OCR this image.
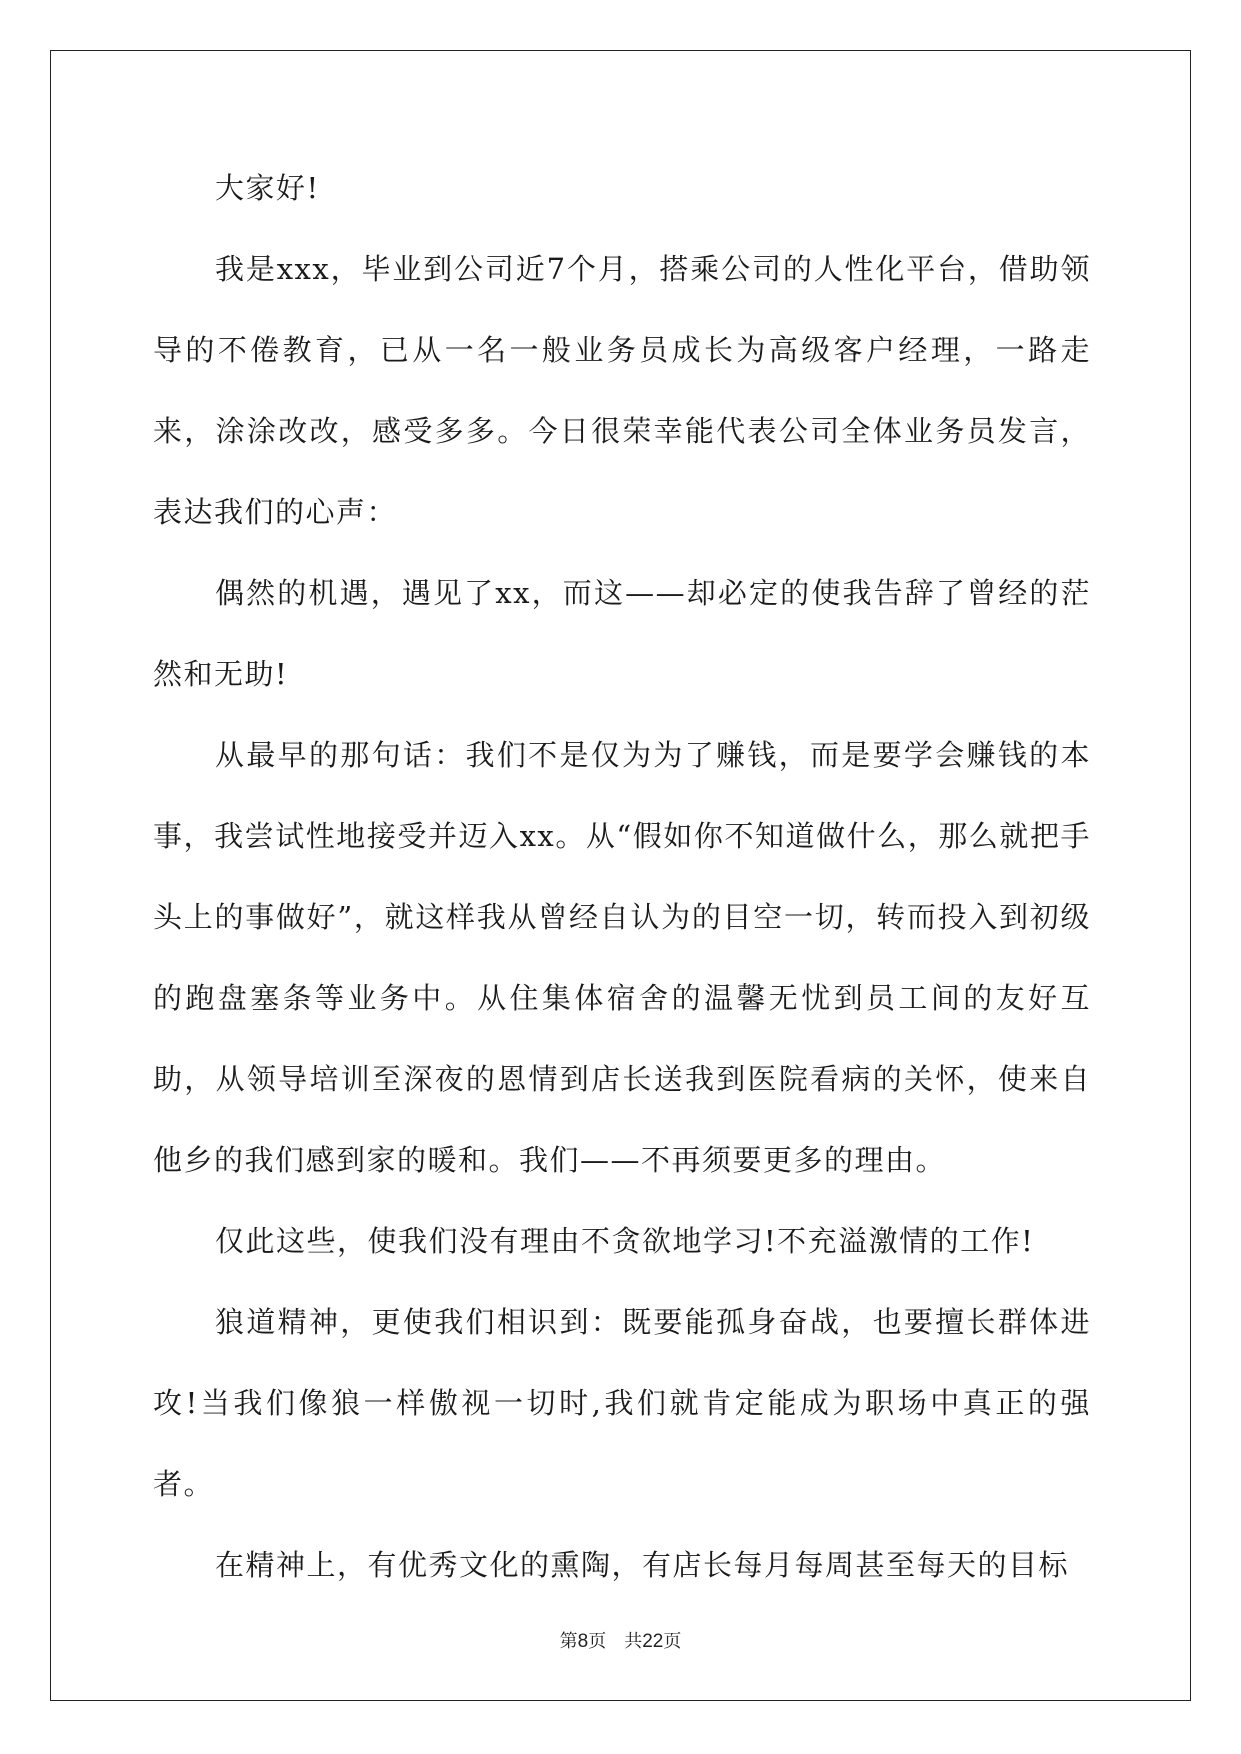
大家好!

我是xxx，毕业到公司近7个月，搭乘公司的人性化平台，借助领导的不倦教育，已从一名一般业务员成长为高级客户经理，一路走来，涂涂改改，感受多多。今日很荣幸能代表公司全体业务员发言，表达我们的心声：

偶然的机遇，遇见了xx，而这——却必定的使我告辞了曾经的茫然和无助!

从最早的那句话：我们不是仅为为了赚钱，而是要学会赚钱的本事，我尝试性地接受并迈入xx。从“假如你不知道做什么，那么就把手头上的事做好”，就这样我从曾经自认为的目空一切，转而投入到初级的跑盘塞条等业务中。从住集体宿舍的温馨无忧到员工间的友好互助，从领导培训至深夜的恩情到店长送我到医院看病的关怀，使来自他乡的我们感到家的暖和。我们——不再须要更多的理由。

仅此这些，使我们没有理由不贪欲地学习!不充溢激情的工作!

狼道精神，更使我们相识到：既要能孤身奋战，也要擅长群体进攻!当我们像狼一样傲视一切时,我们就肯定能成为职场中真正的强者。

在精神上，有优秀文化的熏陶，有店长每月每周甚至每天的目标

第8页　共22页
